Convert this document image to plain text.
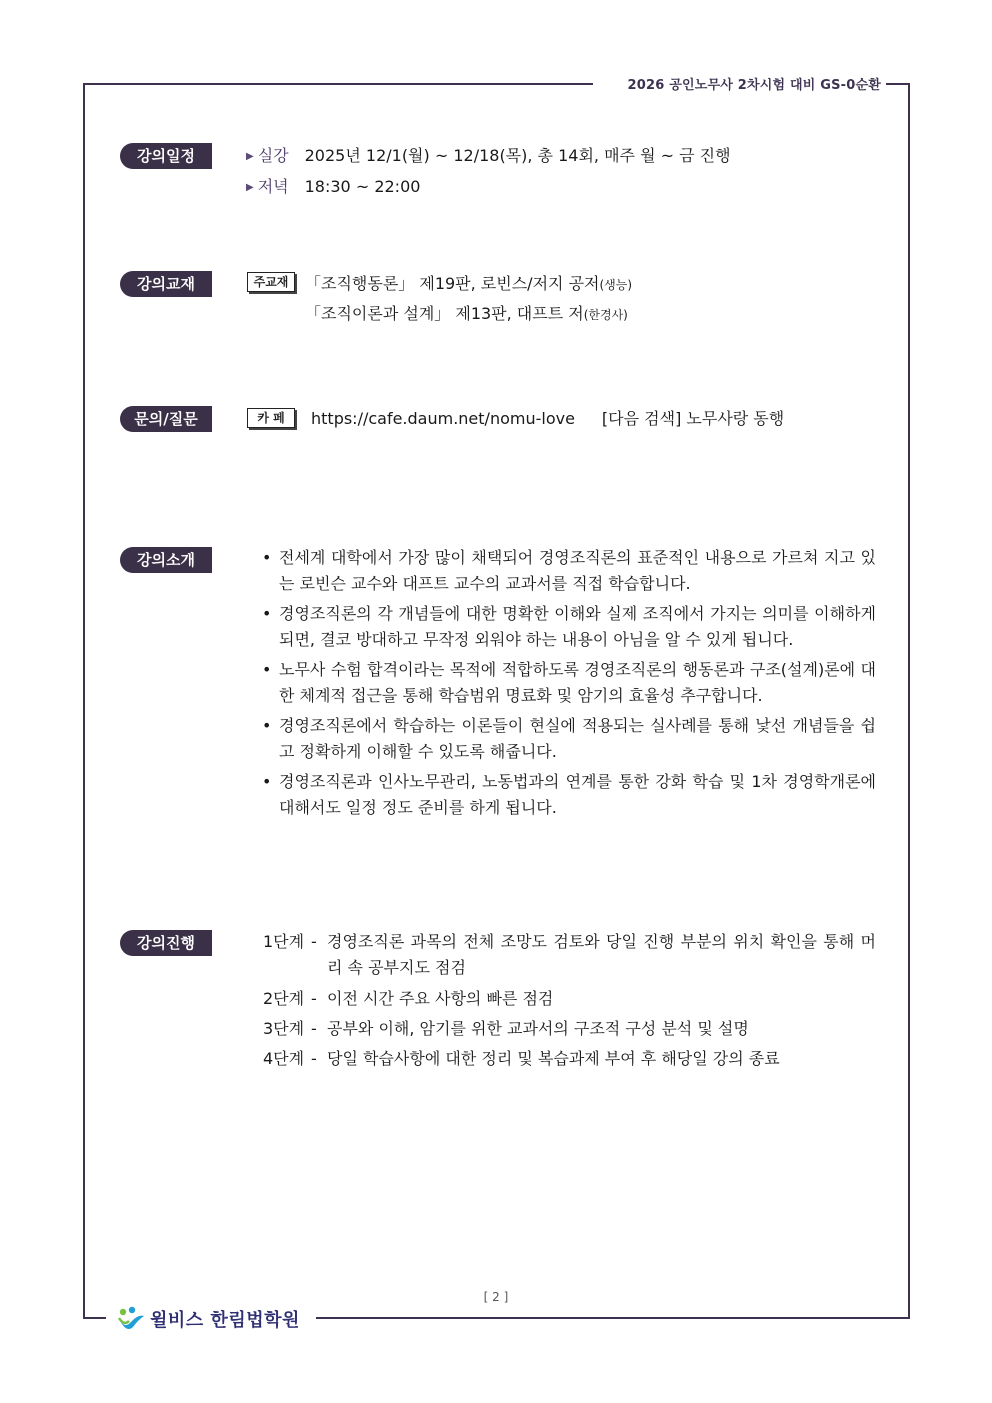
2026 공인노무사 2차시험 대비 GS-0순환
강의일정	▶ 실강 2025년 12/1(월) ~ 12/18(목), 총 14회, 매주 월 ~ 금 진행
▶ 저녁 18:30 ~ 22:00
강의교재	주교재	「조직행동론」 제19판, 로빈스/저지 공저(생능)
「조직이론과 설계」 제13판, 대프트 저(한경사)
문의/질문	카 페	https://cafe.daum.net/nomu-love [다음 검색] 노무사랑 동행
강의소개	• 전세계 대학에서 가장 많이 채택되어 경영조직론의 표준적인 내용으로 가르쳐 지고 있는 로빈슨 교수와 대프트 교수의 교과서를 직접 학습합니다.
• 경영조직론의 각 개념들에 대한 명확한 이해와 실제 조직에서 가지는 의미를 이해하게 되면, 결코 방대하고 무작정 외워야 하는 내용이 아님을 알 수 있게 됩니다.
• 노무사 수험 합격이라는 목적에 적합하도록 경영조직론의 행동론과 구조(설계)론에 대한 체계적 접근을 통해 학습범위 명료화 및 암기의 효율성 추구합니다.
• 경영조직론에서 학습하는 이론들이 현실에 적용되는 실사례를 통해 낯선 개념들을 쉽고 정확하게 이해할 수 있도록 해줍니다.
• 경영조직론과 인사노무관리, 노동법과의 연계를 통한 강화 학습 및 1차 경영학개론에 대해서도 일정 정도 준비를 하게 됩니다.
강의진행	1단계 - 경영조직론 과목의 전체 조망도 검토와 당일 진행 부분의 위치 확인을 통해 머리 속 공부지도 점검
2단계 - 이전 시간 주요 사항의 빠른 점검
3단계 - 공부와 이해, 암기를 위한 교과서의 구조적 구성 분석 및 설명
4단계 - 당일 학습사항에 대한 정리 및 복습과제 부여 후 해당일 강의 종료
[ 2 ]
윌비스 한림법학원
